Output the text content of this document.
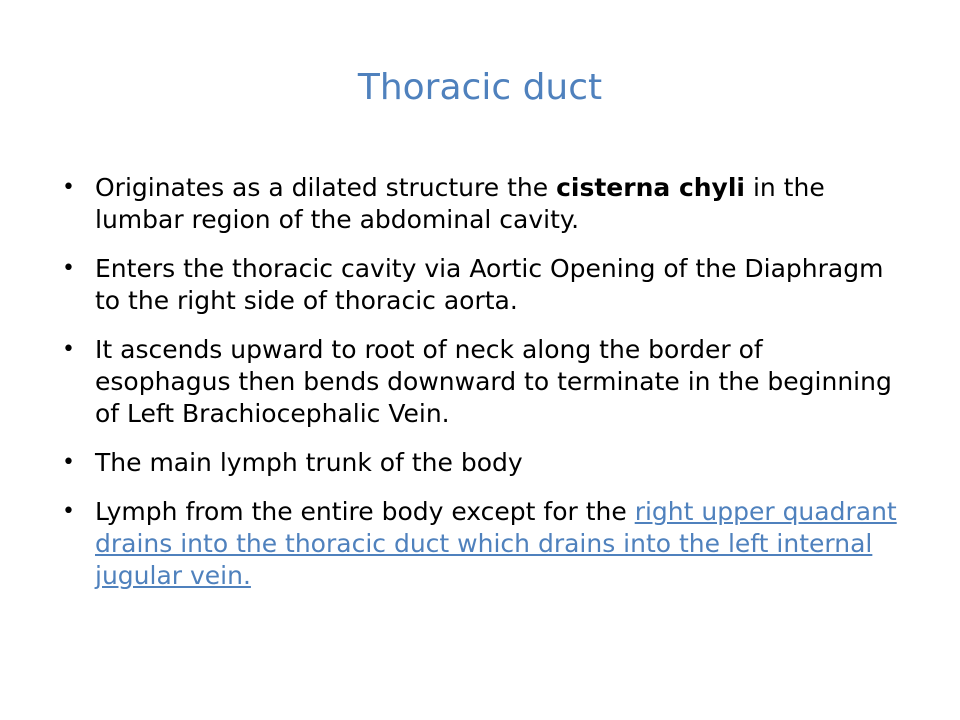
Thoracic duct
• Originates as a dilated structure the cisterna chyli in the lumbar region of the abdominal cavity.
• Enters the thoracic cavity via Aortic Opening of the Diaphragm to the right side of thoracic aorta.
• It ascends upward to root of neck along the border of esophagus then bends downward to terminate in the beginning of Left Brachiocephalic Vein.
• The main lymph trunk of the body
• Lymph from the entire body except for the right upper quadrant drains into the thoracic duct which drains into the left internal jugular vein.
